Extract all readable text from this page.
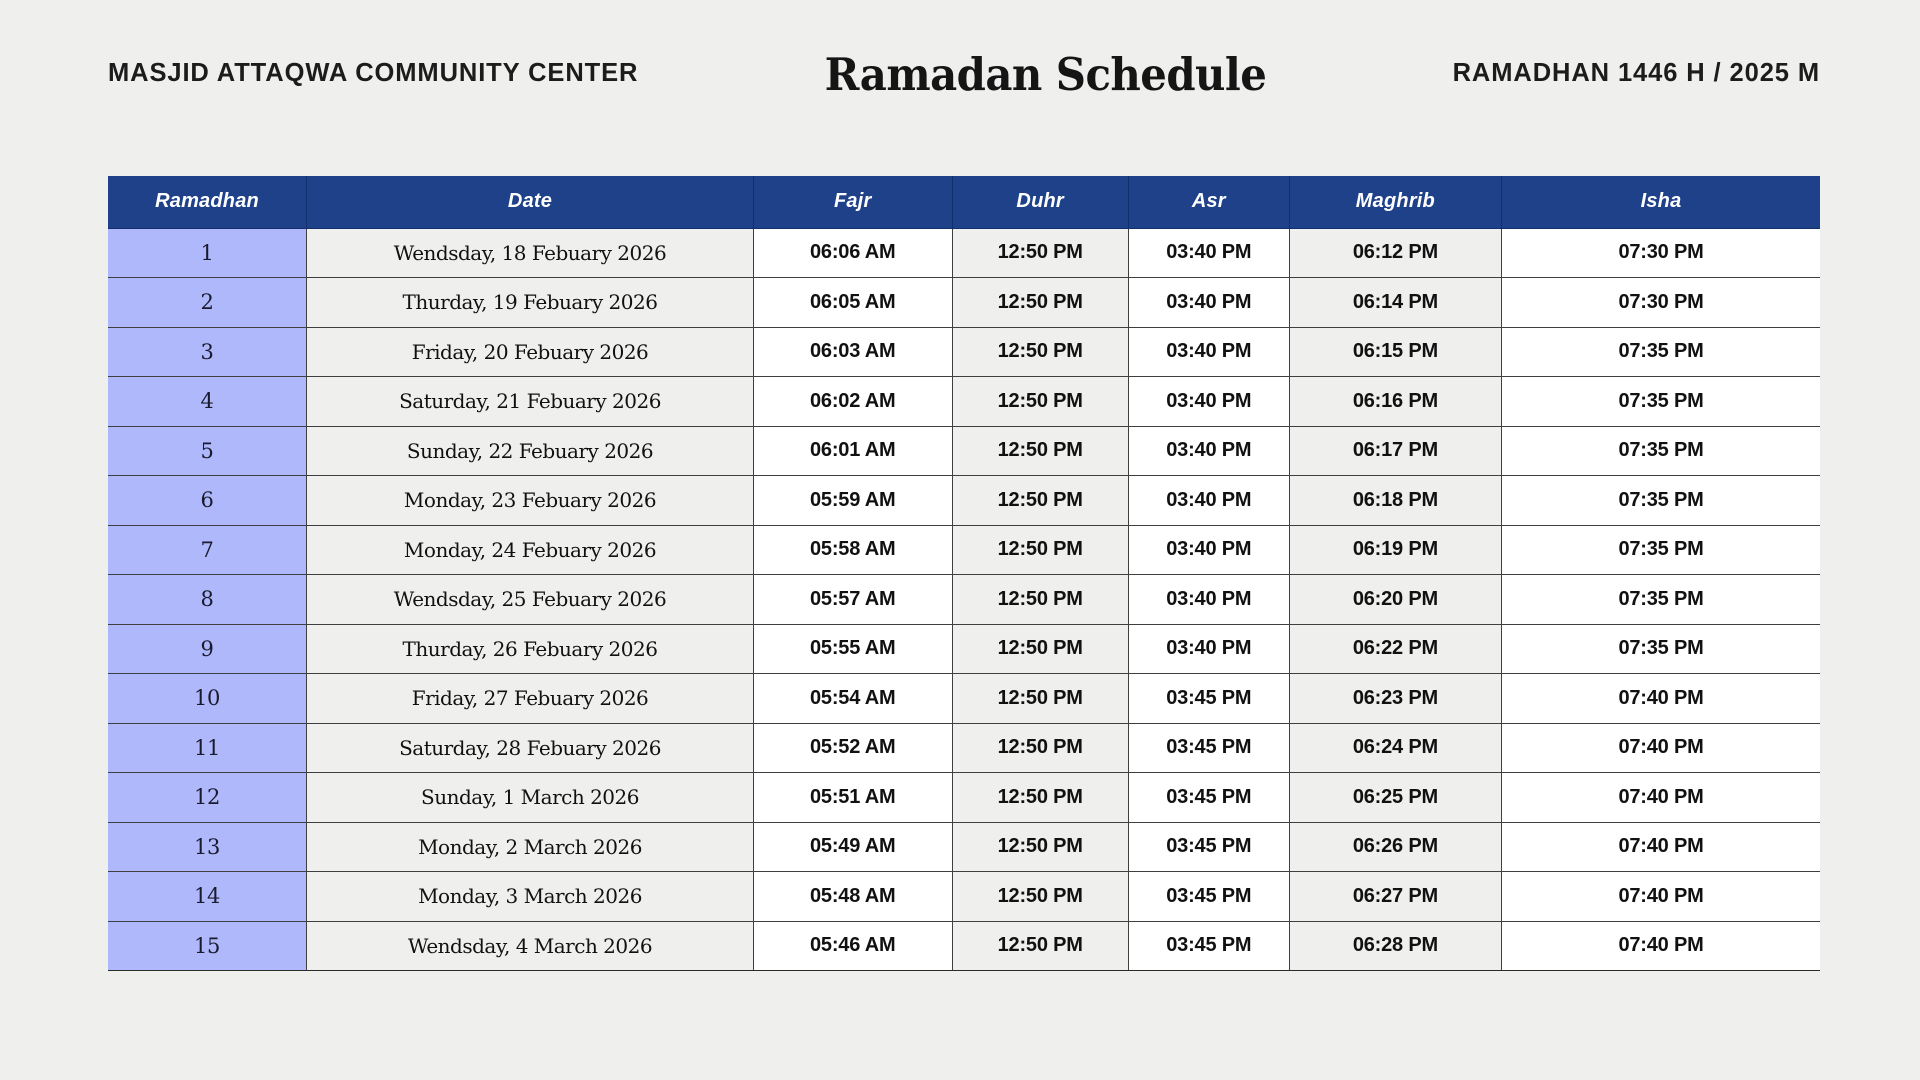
MASJID ATTAQWA COMMUNITY CENTER	Ramadan Schedule	RAMADHAN 1446 H / 2025 M
Ramadhan	Date	Fajr	Duhr	Asr	Maghrib	Isha
1	Wendsday, 18 Febuary 2026	06:06 AM	12:50 PM	03:40 PM	06:12 PM	07:30 PM
2	Thurday, 19 Febuary 2026	06:05 AM	12:50 PM	03:40 PM	06:14 PM	07:30 PM
3	Friday, 20 Febuary 2026	06:03 AM	12:50 PM	03:40 PM	06:15 PM	07:35 PM
4	Saturday, 21 Febuary 2026	06:02 AM	12:50 PM	03:40 PM	06:16 PM	07:35 PM
5	Sunday, 22 Febuary 2026	06:01 AM	12:50 PM	03:40 PM	06:17 PM	07:35 PM
6	Monday, 23 Febuary 2026	05:59 AM	12:50 PM	03:40 PM	06:18 PM	07:35 PM
7	Monday, 24 Febuary 2026	05:58 AM	12:50 PM	03:40 PM	06:19 PM	07:35 PM
8	Wendsday, 25 Febuary 2026	05:57 AM	12:50 PM	03:40 PM	06:20 PM	07:35 PM
9	Thurday, 26 Febuary 2026	05:55 AM	12:50 PM	03:40 PM	06:22 PM	07:35 PM
10	Friday, 27 Febuary 2026	05:54 AM	12:50 PM	03:45 PM	06:23 PM	07:40 PM
11	Saturday, 28 Febuary 2026	05:52 AM	12:50 PM	03:45 PM	06:24 PM	07:40 PM
12	Sunday, 1 March 2026	05:51 AM	12:50 PM	03:45 PM	06:25 PM	07:40 PM
13	Monday, 2 March 2026	05:49 AM	12:50 PM	03:45 PM	06:26 PM	07:40 PM
14	Monday, 3 March 2026	05:48 AM	12:50 PM	03:45 PM	06:27 PM	07:40 PM
15	Wendsday, 4 March 2026	05:46 AM	12:50 PM	03:45 PM	06:28 PM	07:40 PM
